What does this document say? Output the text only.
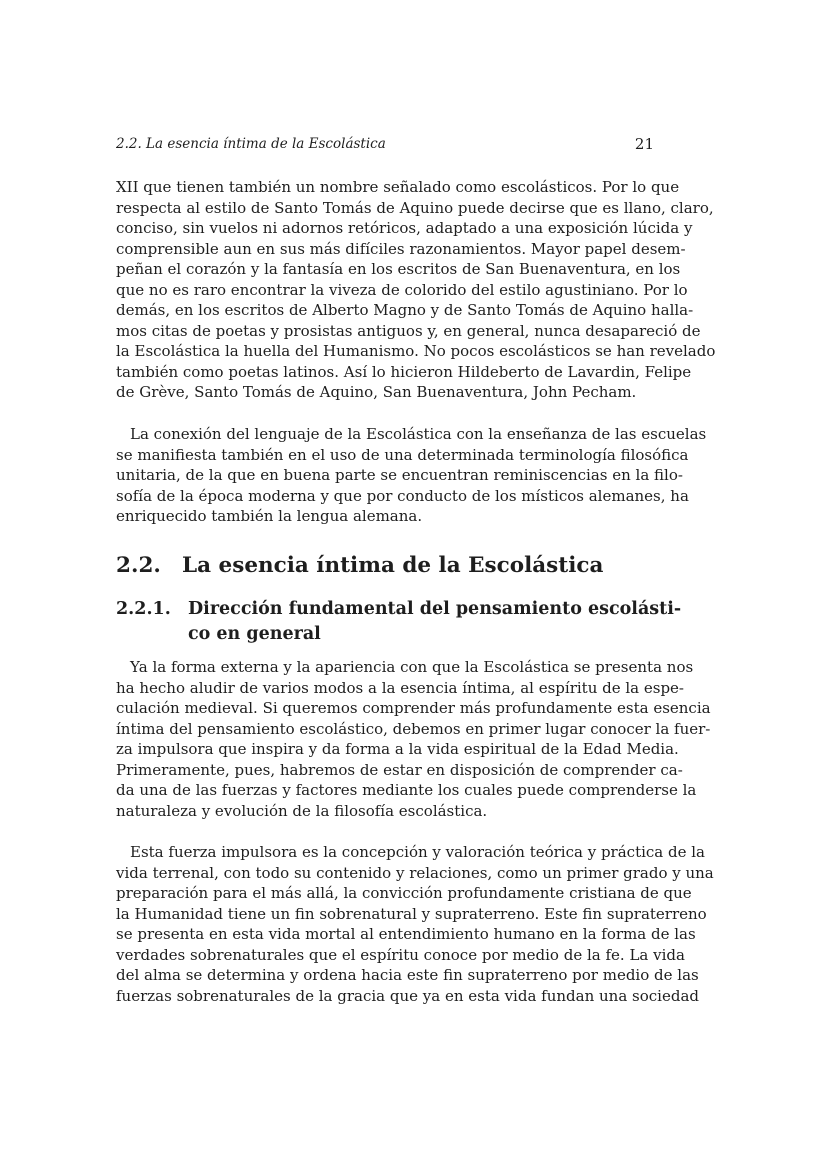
2.2. La esencia íntima de la Escolástica	21
XII que tienen también un nombre señalado como escolásticos. Por lo que
respecta al estilo de Santo Tomás de Aquino puede decirse que es llano, claro,
conciso, sin vuelos ni adornos retóricos, adaptado a una exposición lúcida y
comprensible aun en sus más difíciles razonamientos. Mayor papel desem-
peñan el corazón y la fantasía en los escritos de San Buenaventura, en los
que no es raro encontrar la viveza de colorido del estilo agustiniano. Por lo
demás, en los escritos de Alberto Magno y de Santo Tomás de Aquino halla-
mos citas de poetas y prosistas antiguos y, en general, nunca desapareció de
la Escolástica la huella del Humanismo. No pocos escolásticos se han revelado
también como poetas latinos. Así lo hicieron Hildeberto de Lavardin, Felipe
de Grève, Santo Tomás de Aquino, San Buenaventura, John Pecham.
La conexión del lenguaje de la Escolástica con la enseñanza de las escuelas
se manifiesta también en el uso de una determinada terminología filosófica
unitaria, de la que en buena parte se encuentran reminiscencias en la filo-
sofía de la época moderna y que por conducto de los místicos alemanes, ha
enriquecido también la lengua alemana.
2.2. La esencia íntima de la Escolástica
2.2.1. Dirección fundamental del pensamiento escolásti-
co en general
Ya la forma externa y la apariencia con que la Escolástica se presenta nos
ha hecho aludir de varios modos a la esencia íntima, al espíritu de la espe-
culación medieval. Si queremos comprender más profundamente esta esencia
íntima del pensamiento escolástico, debemos en primer lugar conocer la fuer-
za impulsora que inspira y da forma a la vida espiritual de la Edad Media.
Primeramente, pues, habremos de estar en disposición de comprender ca-
da una de las fuerzas y factores mediante los cuales puede comprenderse la
naturaleza y evolución de la filosofía escolástica.
Esta fuerza impulsora es la concepción y valoración teórica y práctica de la
vida terrenal, con todo su contenido y relaciones, como un primer grado y una
preparación para el más allá, la convicción profundamente cristiana de que
la Humanidad tiene un fin sobrenatural y supraterreno. Este fin supraterreno
se presenta en esta vida mortal al entendimiento humano en la forma de las
verdades sobrenaturales que el espíritu conoce por medio de la fe. La vida
del alma se determina y ordena hacia este fin supraterreno por medio de las
fuerzas sobrenaturales de la gracia que ya en esta vida fundan una sociedad
